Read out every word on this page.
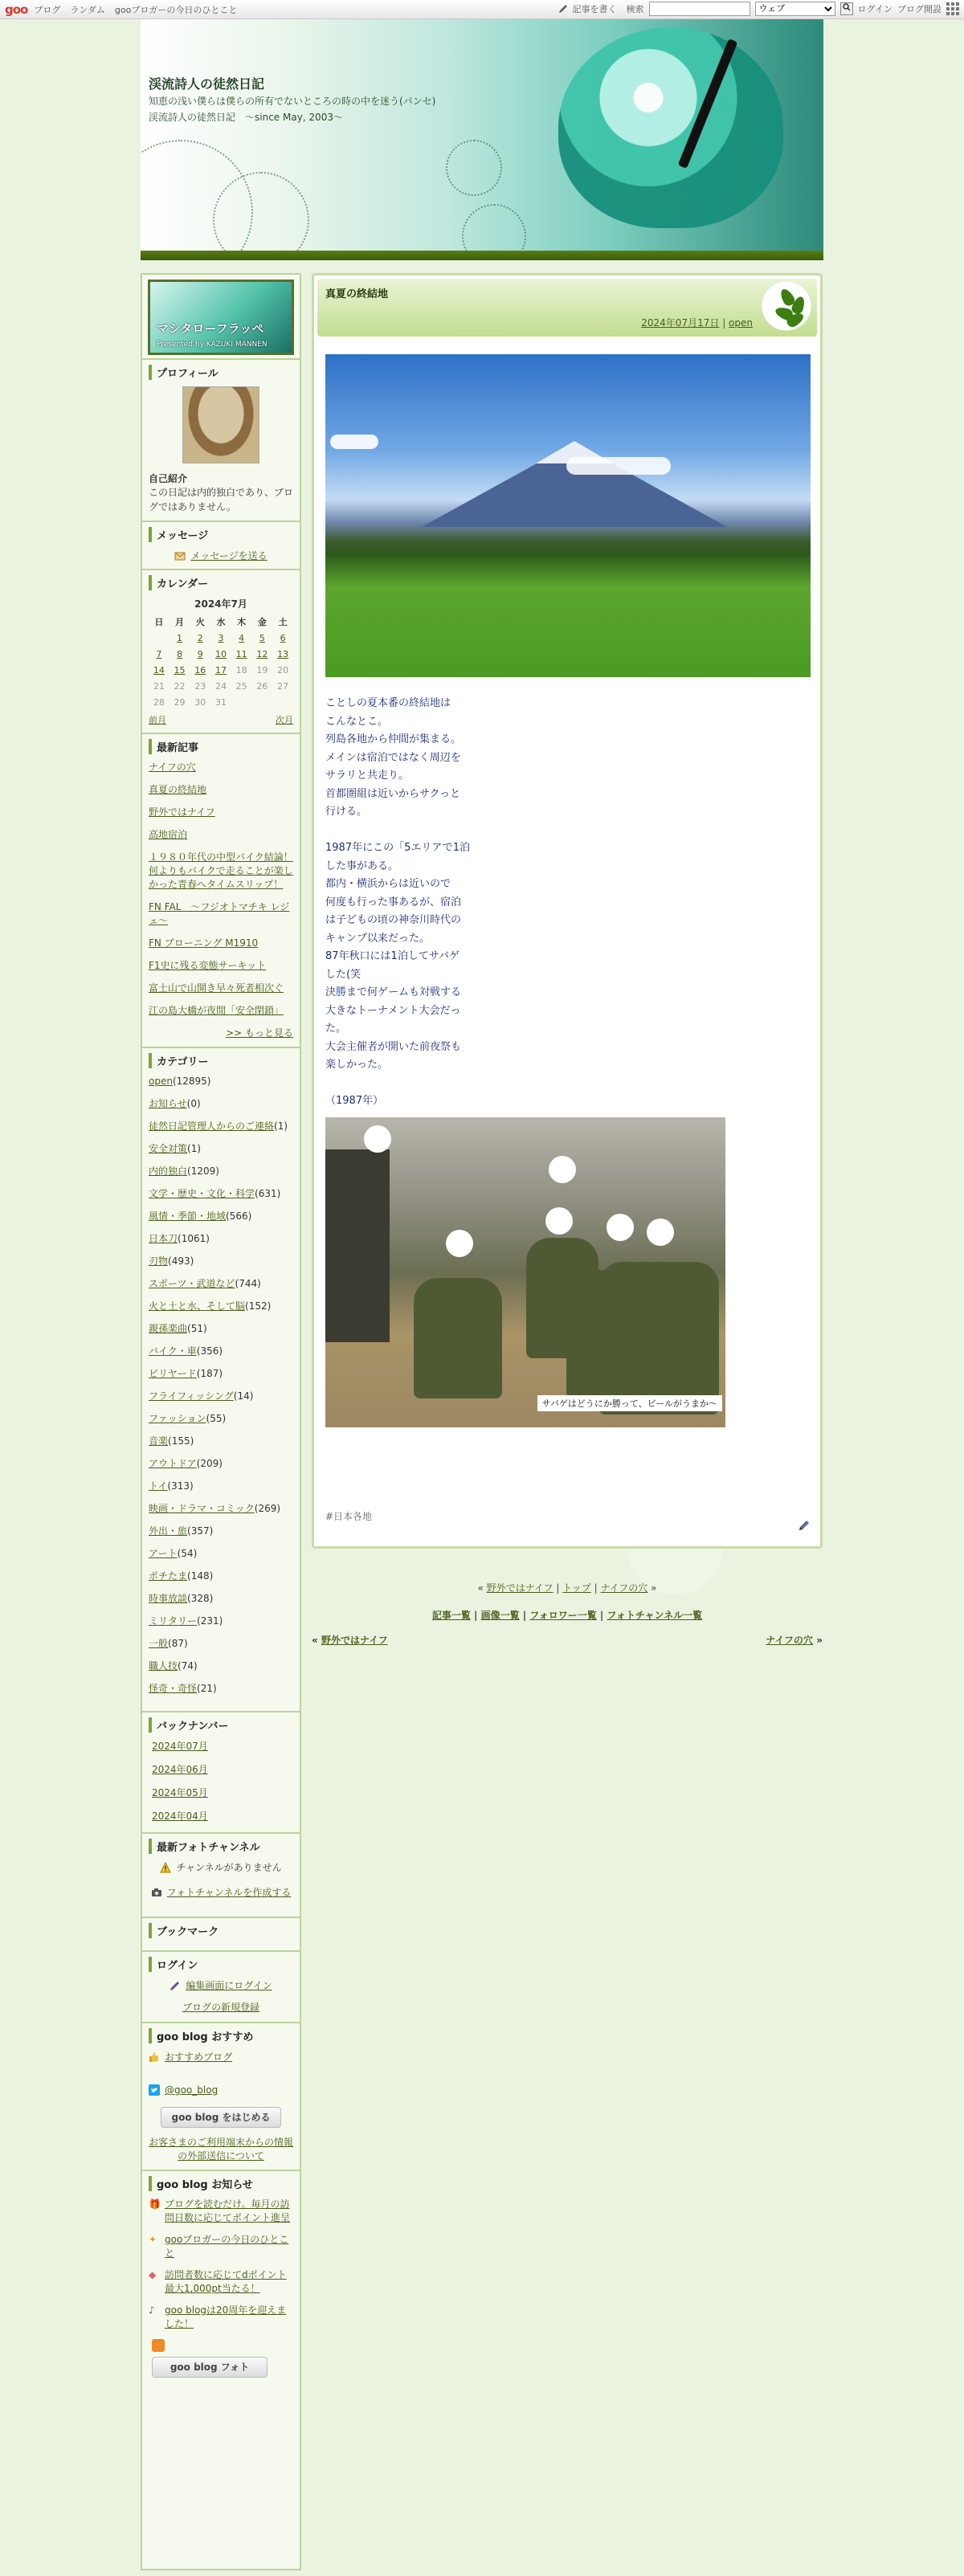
goo ブログ ランダム gooブロガーの今日のひとこと	記事を書く 検索
ウェブ	ログイン ブログ開設
渓流詩人の徒然日記
知恵の浅い僕らは僕らの所有でないところの時の中を迷う(パンセ)　渓流詩人の徒然日記　～since May, 2003～
マシタローフラッペ
Presented by KAZUKI MANNEN
プロフィール
自己紹介
この日記は内的独白であり、ブログではありません。
メッセージ
メッセージを送る
カレンダー
2024年7月
日	月	火	水	木	金	土
	1	2	3	4	5	6
7	8	9	10	11	12	13
14	15	16	17	18	19	20
21	22	23	24	25	26	27
28	29	30	31			
前月	次月
最新記事
ナイフの穴
真夏の終結地
野外ではナイフ
高地宿泊
１９８０年代の中型バイク結論！何よりもバイクで走ることが楽しかった青春へタイムスリップ！
FN FAL　～フジオトマチキ レジェ～
FN ブローニング M1910
F1史に残る変態サーキット
富士山で山開き早々死者相次ぐ
江の島大橋が夜間「安全閉鎖」
>> もっと見る
カテゴリー
open(12895)
お知らせ(0)
徒然日記管理人からのご連絡(1)
安全対策(1)
内的独白(1209)
文学・歴史・文化・科学(631)
風情・季節・地域(566)
日本刀(1061)
刃物(493)
スポーツ・武道など(744)
火と土と水、そして脳(152)
親孫楽曲(51)
バイク・車(356)
ビリヤード(187)
フライフィッシング(14)
ファッション(55)
音楽(155)
アウトドア(209)
トイ(313)
映画・ドラマ・コミック(269)
外出・旅(357)
アート(54)
ポチたま(148)
時事放談(328)
ミリタリー(231)
一般(87)
職人技(74)
怪奇・奇怪(21)
バックナンバー
2024年07月
2024年06月
2024年05月
2024年04月
最新フォトチャンネル
チャンネルがありません
フォトチャンネルを作成する
ブックマーク
ログイン
編集画面にログイン
ブログの新規登録
goo blog おすすめ
おすすめブログ
@goo_blog
goo blog をはじめる
お客さまのご利用端末からの情報の外部送信について
goo blog お知らせ
🎁 ブログを読むだけ。毎月の訪問日数に応じてポイント進呈
✦ gooブロガーの今日のひとこと
◆ 訪問者数に応じてdポイント最大1,000pt当たる！
♪	goo blogは20周年を迎えました！
goo blog フォト
真夏の終結地
2024年07月17日 | open

ことしの夏本番の終結地は

こんなとこ。

列島各地から仲間が集まる。

メインは宿泊ではなく周辺を

サラリと共走り。

首都圏組は近いからサクっと

行ける。

1987年にこの「5エリアで1泊

した事がある。

都内・横浜からは近いので

何度も行った事あるが、宿泊

は子どもの頃の神奈川時代の

キャンプ以来だった。

87年秋口には1泊してサバゲ

した(笑

決勝まで何ゲームも対戦する

大きなトーナメント大会だっ

た。

大会主催者が開いた前夜祭も

楽しかった。

（1987年）

サバゲはどうにか勝って、ビールがうまか～
#日本各地
« 野外ではナイフ | トップ | ナイフの穴 »
記事一覧 | 画像一覧 | フォロワー一覧 | フォトチャンネル一覧
« 野外ではナイフ	ナイフの穴 »
